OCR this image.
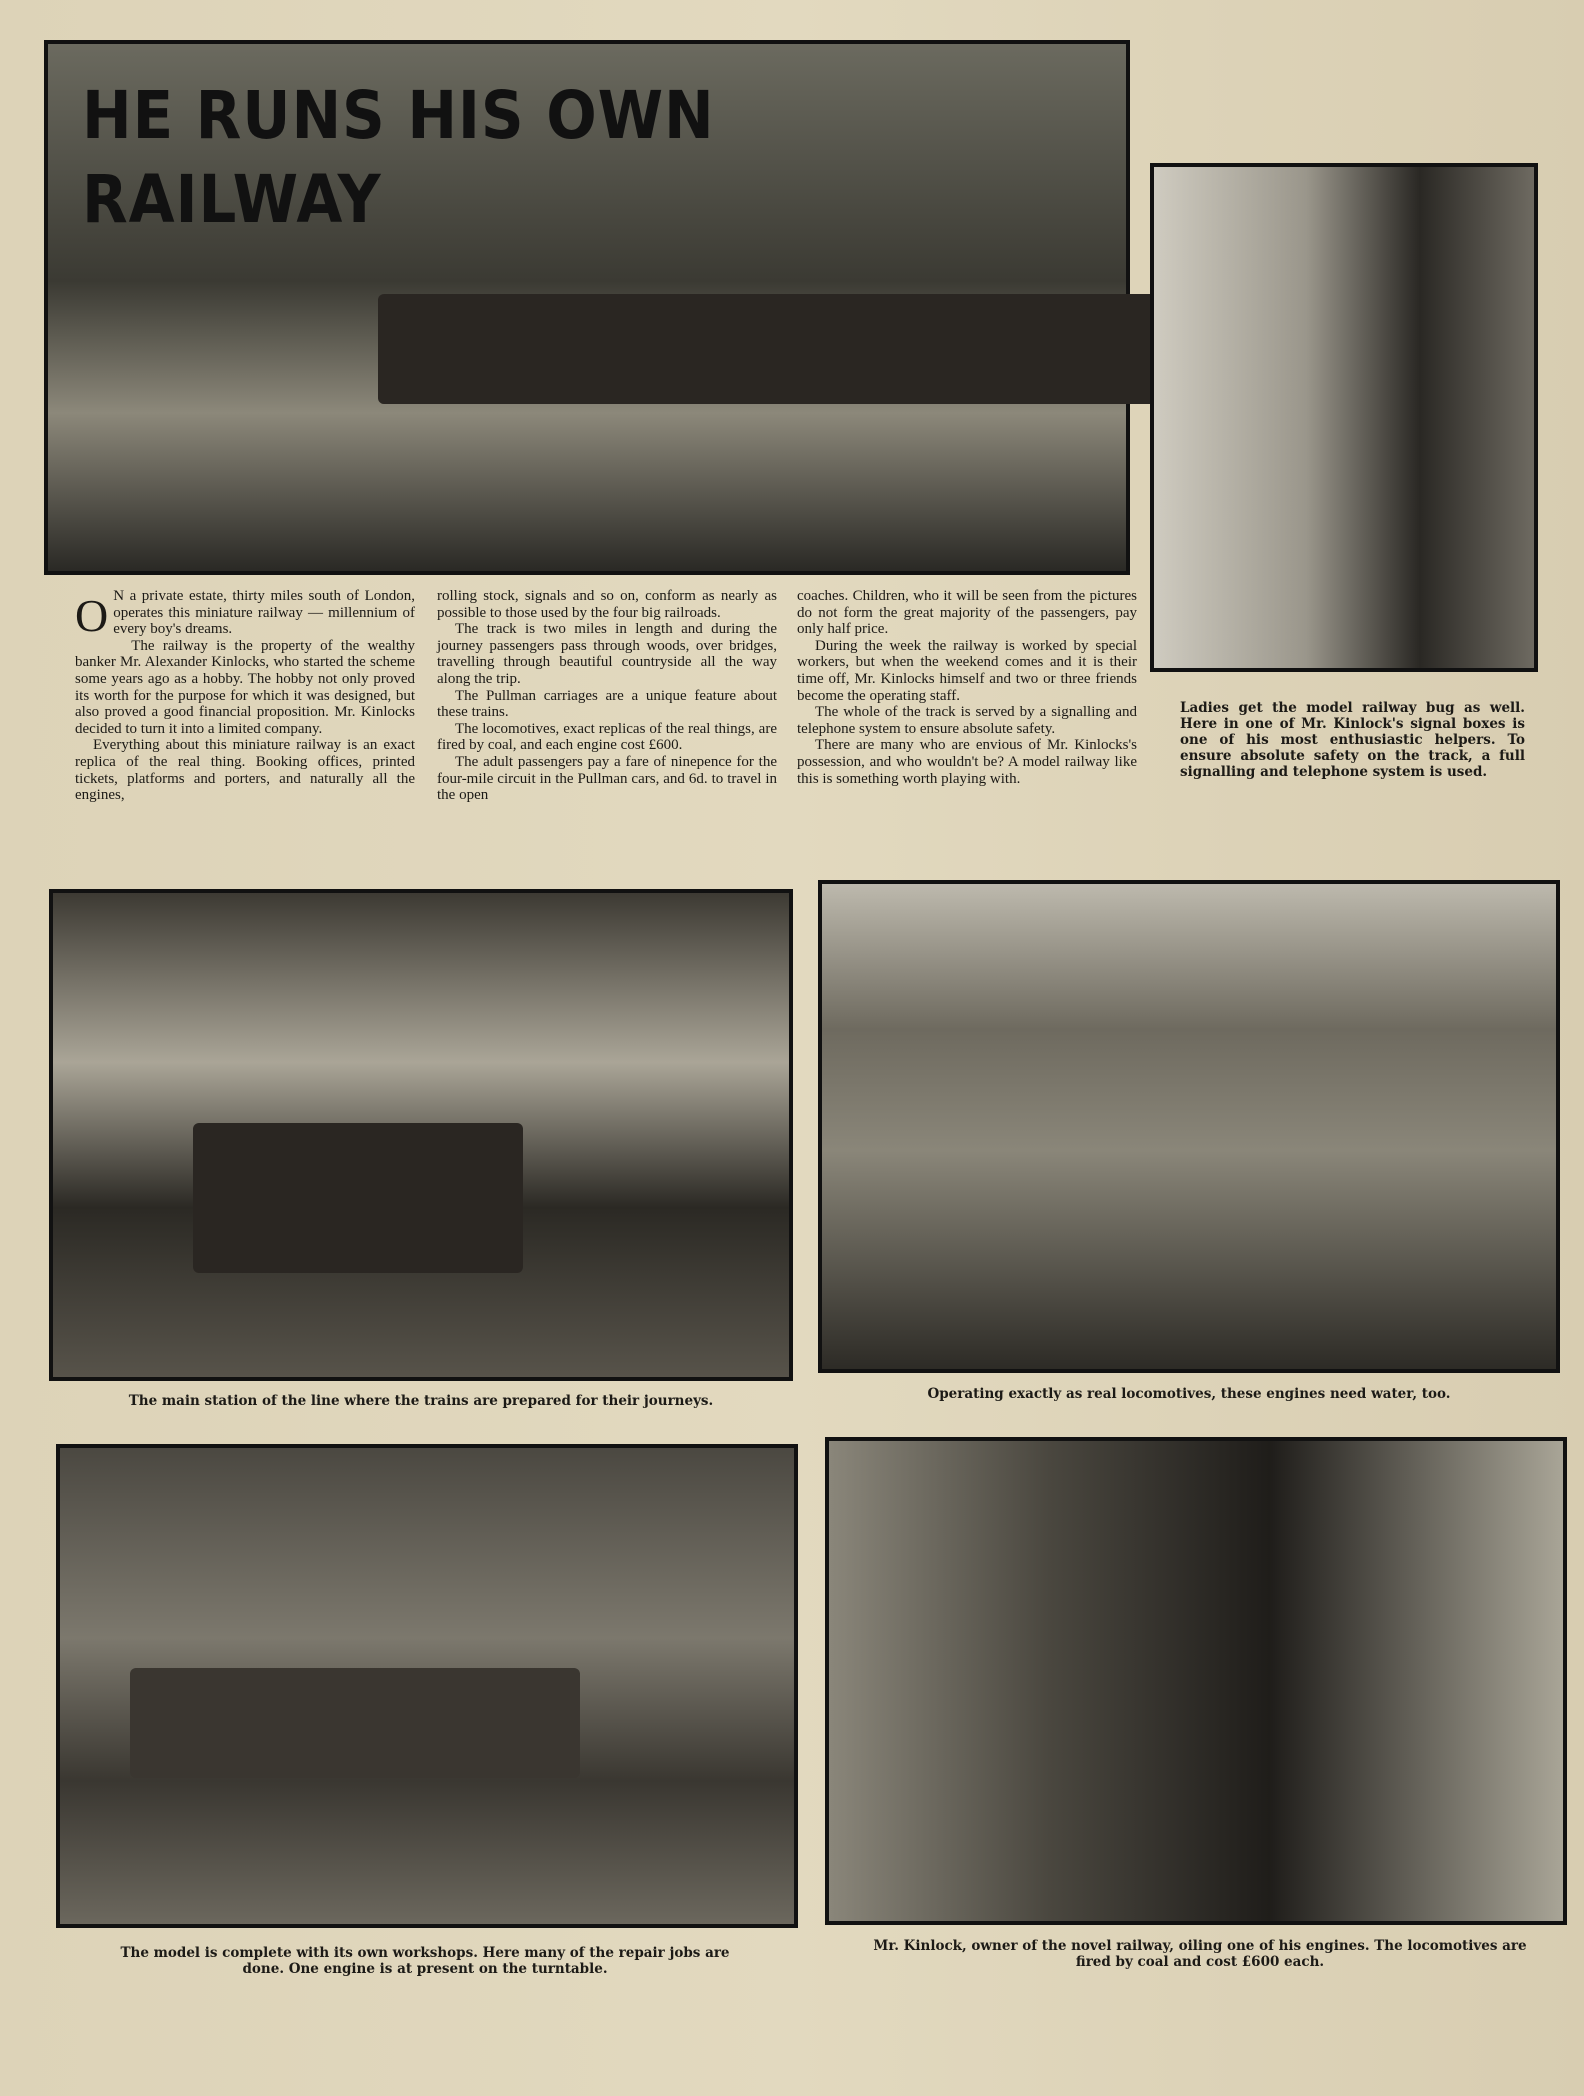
HE RUNS HIS OWN
RAILWAY
Ladies get the model railway bug as well. Here in one of Mr. Kinlock's signal boxes is one of his most enthusiastic helpers. To ensure absolute safety on the track, a full signalling and telephone system is used.

O N a private estate, thirty miles south of London, operates this miniature railway — millennium of every boy's dreams.

The railway is the property of the wealthy banker Mr. Alexander Kinlocks, who started the scheme some years ago as a hobby. The hobby not only proved its worth for the purpose for which it was designed, but also proved a good financial proposition. Mr. Kinlocks decided to turn it into a limited company.

Everything about this miniature railway is an exact replica of the real thing. Booking offices, printed tickets, platforms and porters, and naturally all the engines,

rolling stock, signals and so on, conform as nearly as possible to those used by the four big railroads.

The track is two miles in length and during the journey passengers pass through woods, over bridges, travelling through beautiful countryside all the way along the trip.

The Pullman carriages are a unique feature about these trains.

The locomotives, exact replicas of the real things, are fired by coal, and each engine cost £600.

The adult passengers pay a fare of ninepence for the four-mile circuit in the Pullman cars, and 6d. to travel in the open

coaches. Children, who it will be seen from the pictures do not form the great majority of the passengers, pay only half price.

During the week the railway is worked by special workers, but when the weekend comes and it is their time off, Mr. Kinlocks himself and two or three friends become the operating staff.

The whole of the track is served by a signalling and telephone system to ensure absolute safety.

There are many who are envious of Mr. Kinlocks's possession, and who wouldn't be? A model railway like this is something worth playing with.

The main station of the line where the trains are prepared for their journeys.	Operating exactly as real locomotives, these engines need water, too.
The model is complete with its own workshops. Here many of the repair jobs are done. One engine is at present on the turntable.
Mr. Kinlock, owner of the novel railway, oiling one of his engines. The locomotives are fired by coal and cost £600 each.
